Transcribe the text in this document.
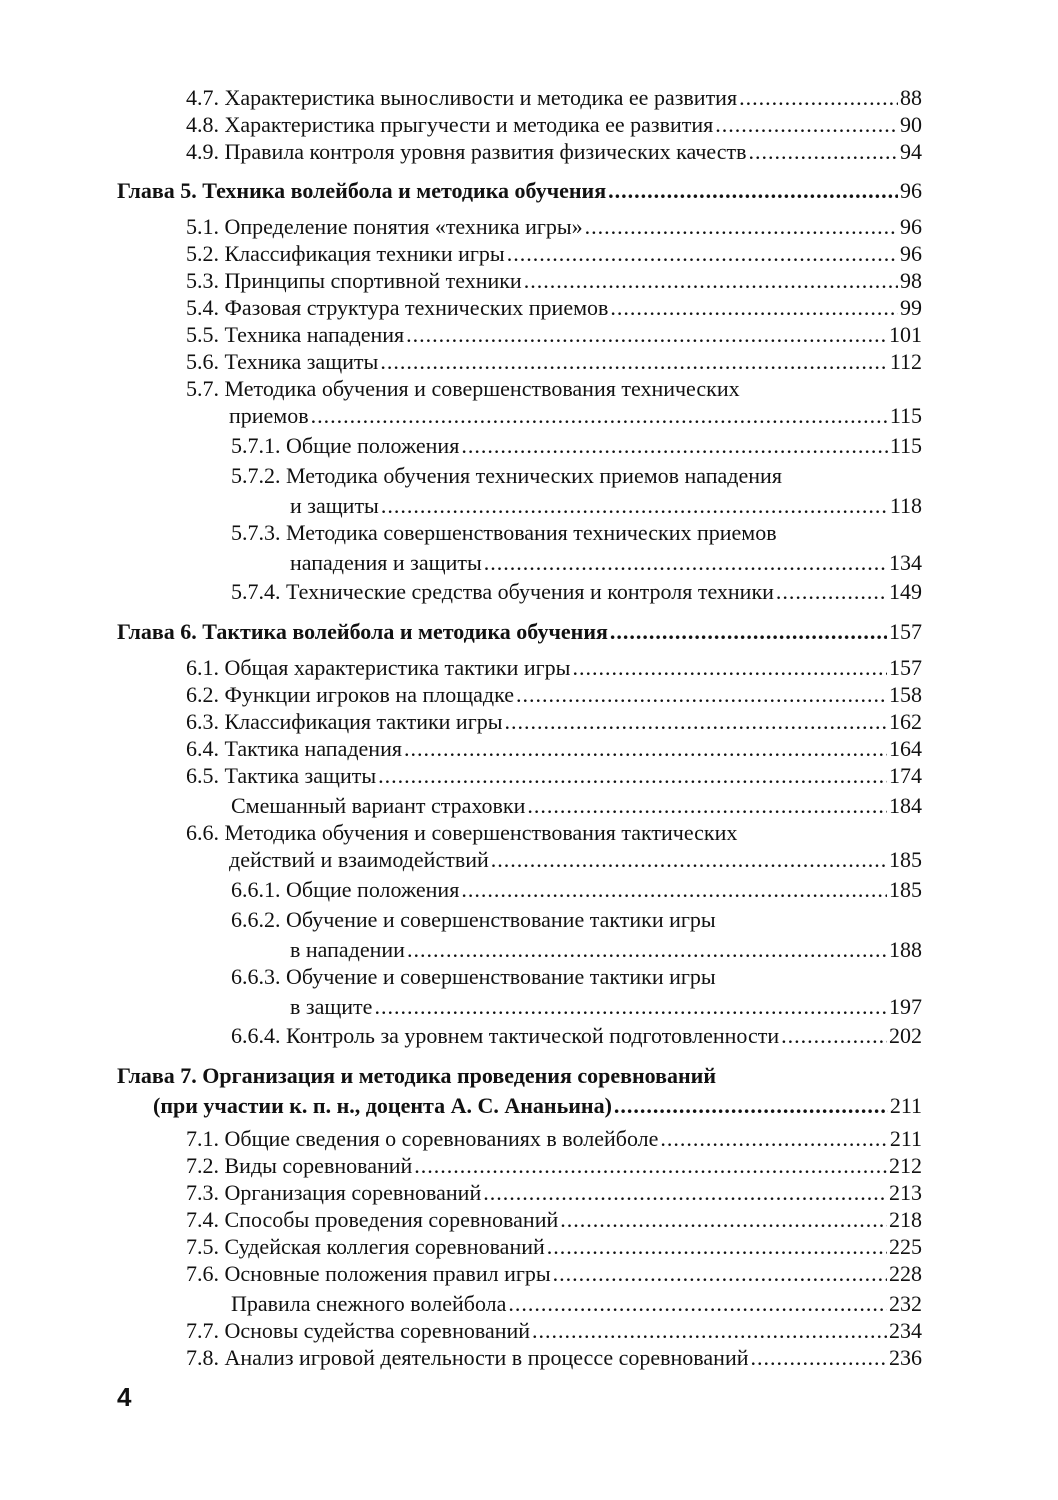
4.7. Характеристика выносливости и методика ее развития .....	88
4.8. Характеристика прыгучести и методика ее развития .....	90
4.9. Правила контроля уровня развития физических качеств .....	94
Глава 5. Техника волейбола и методика обучения .....	96
5.1. Определение понятия «техника игры» .....	96
5.2. Классификация техники игры .....	96
5.3. Принципы спортивной техники .....	98
5.4. Фазовая структура технических приемов .....	99
5.5. Техника нападения .....	101
5.6. Техника защиты .....	112
5.7. Методика обучения и совершенствования технических
приемов .....	115
5.7.1. Общие положения .....	115
5.7.2. Методика обучения технических приемов нападения
и защиты .....	118
5.7.3. Методика совершенствования технических приемов
нападения и защиты .....	134
5.7.4. Технические средства обучения и контроля техники .....	149
Глава 6. Тактика волейбола и методика обучения .....	157
6.1. Общая характеристика тактики игры .....	157
6.2. Функции игроков на площадке .....	158
6.3. Классификация тактики игры .....	162
6.4. Тактика нападения .....	164
6.5. Тактика защиты .....	174
Смешанный вариант страховки .....	184
6.6. Методика обучения и совершенствования тактических
действий и взаимодействий .....	185
6.6.1. Общие положения .....	185
6.6.2. Обучение и совершенствование тактики игры
в нападении .....	188
6.6.3. Обучение и совершенствование тактики игры
в защите .....	197
6.6.4. Контроль за уровнем тактической подготовленности .....	202
Глава 7. Организация и методика проведения соревнований
(при участии к. п. н., доцента А. С. Ананьина) .....	211
7.1. Общие сведения о соревнованиях в волейболе .....	211
7.2. Виды соревнований .....	212
7.3. Организация соревнований .....	213
7.4. Способы проведения соревнований .....	218
7.5. Судейская коллегия соревнований .....	225
7.6. Основные положения правил игры .....	228
Правила снежного волейбола .....	232
7.7. Основы судейства соревнований .....	234
7.8. Анализ игровой деятельности в процессе соревнований .....	236
4
